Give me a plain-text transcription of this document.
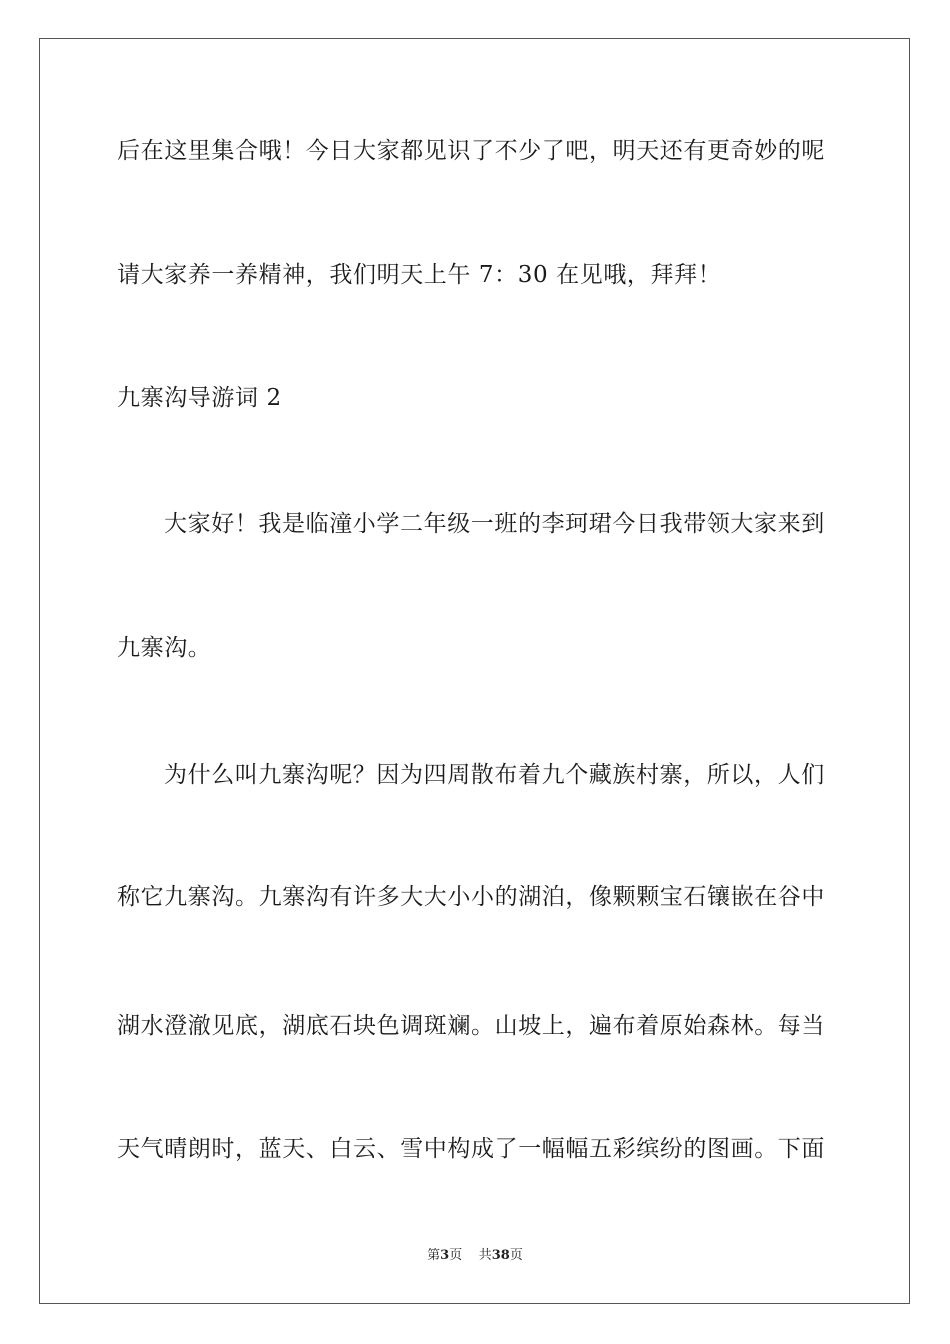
后在这里集合哦！今日大家都见识了不少了吧，明天还有更奇妙的呢
请大家养一养精神，我们明天上午 7：30 在见哦，拜拜！
九寨沟导游词 2
大家好！我是临潼小学二年级一班的李珂珺今日我带领大家来到
九寨沟。
为什么叫九寨沟呢？因为四周散布着九个藏族村寨，所以，人们
称它九寨沟。九寨沟有许多大大小小的湖泊，像颗颗宝石镶嵌在谷中
湖水澄澈见底，湖底石块色调斑斓。山坡上，遍布着原始森林。每当
天气晴朗时，蓝天、白云、雪中构成了一幅幅五彩缤纷的图画。下面
第3页 共38页
